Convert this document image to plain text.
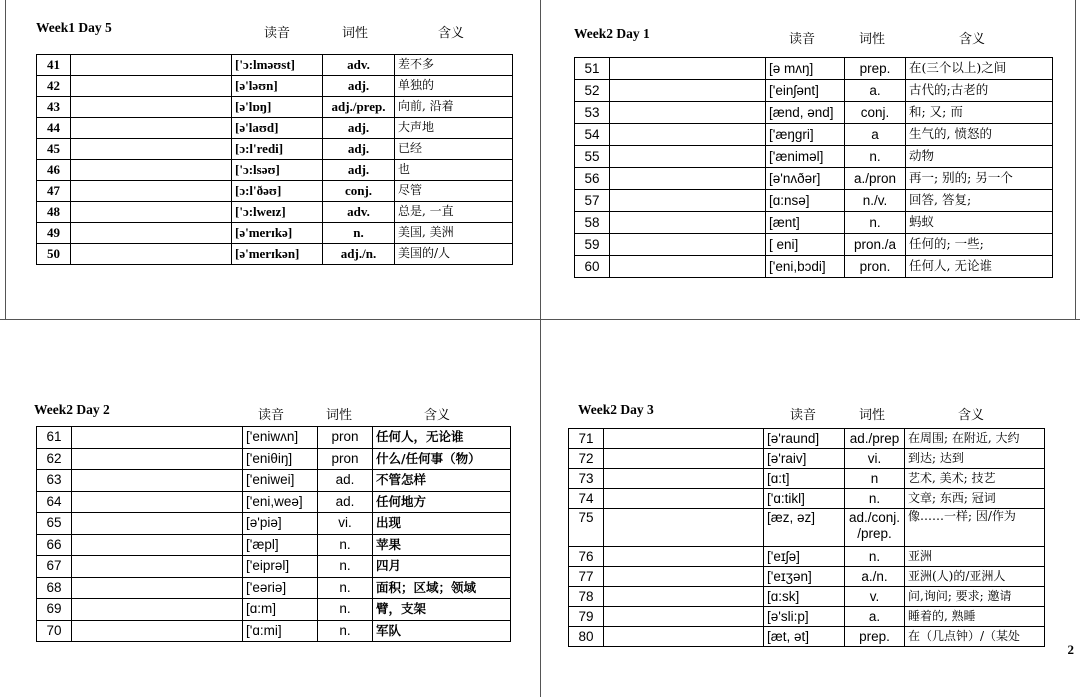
Week1 Day 5	读音	词性	含义
41		['ɔ:lməʊst]	adv.	差不多
42		[ə'ləʊn]	adj.	单独的
43		[ə'lɒŋ]	adj./prep.	向前, 沿着
44		[ə'laʊd]	adj.	大声地
45		[ɔ:l'redi]	adj.	已经
46		['ɔ:lsəʊ]	adj.	也
47		[ɔ:l'ðəʊ]	conj.	尽管
48		['ɔ:lweɪz]	adv.	总是, 一直
49		[ə'merɪkə]	n.	美国, 美洲
50		[ə'merɪkən]	adj./n.	美国的/人
Week2 Day 1	读音	词性	含义
51		[ə mʌŋ]	prep.	在(三个以上)之间
52		['einʃənt]	a.	古代的;古老的
53		[ænd, ənd]	conj.	和; 又; 而
54		['æŋgri]	a	生气的, 愤怒的
55		['ænimәl]	n.	动物
56		[ә'nʌðәr]	a./pron	再一; 别的; 另一个
57		[ɑ:nsә]	n./v.	回答, 答复;
58		[ænt]	n.	蚂蚁
59		[ eni]	pron./a	任何的; 一些;
60		['eni,bɔdi]	pron.	任何人, 无论谁
Week2 Day 2	读音	词性	含义
61		['eniwʌn]	pron	任何人，无论谁
62		['eniθiŋ]	pron	什么/任何事（物）
63		['eniwei]	ad.	不管怎样
64		['eni,weә]	ad.	任何地方
65		[ә'piә]	vi.	出现
66		['æpl]	n.	苹果
67		['eiprәl]	n.	四月
68		['eәriә]	n.	面积；区域；领域
69		[ɑ:m]	n.	臂，支架
70		['ɑ:mi]	n.	军队
Week2 Day 3	读音	词性	含义
71		[ә'raund]	ad./prep	在周围; 在附近, 大约
72		[ә'raiv]	vi.	到达; 达到
73		[ɑ:t]	n	艺术, 美术; 技艺
74		['ɑ:tikl]	n.	文章; 东西; 冠词
75		[æz, әz]	ad./conj. /prep.	像……一样; 因/作为
76		['eɪʃә]	n.	亚洲
77		['eɪʒәn]	a./n.	亚洲(人)的/亚洲人
78		[ɑ:sk]	v.	问,询问; 要求; 邀请
79		[ә'sli:p]	a.	睡着的, 熟睡
80		[æt, әt]	prep.	在（几点钟）/（某处
2
